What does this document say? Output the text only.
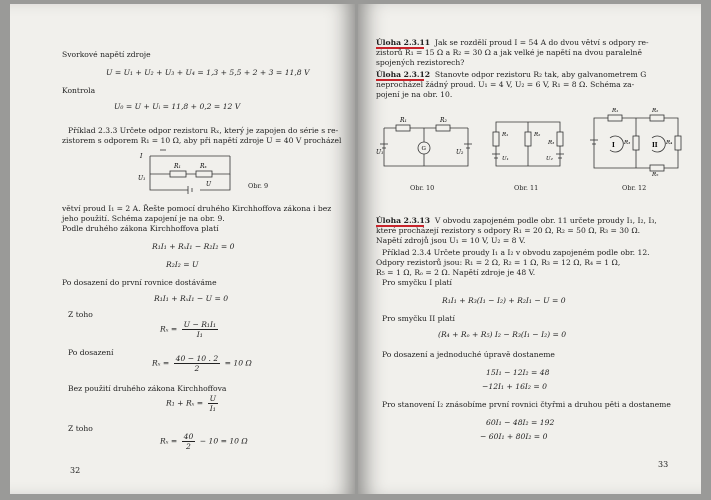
Svorkové napětí zdroje
U = U₁ + U₂ + U₃ + U₄ = 1,3 + 5,5 + 2 + 3 = 11,8 V
Kontrola
U₀ = U + Uᵢ = 11,8 + 0,2 = 12 V
Příklad 2.3.3 Určete odpor rezistoru Rₓ, který je zapojen do série s re-
zistorem s odporem R₁ = 10 Ω, aby při napětí zdroje U = 40 V procházel
I
U₁
R₁	Rₓ
U	Obr. 9
větví proud I₁ = 2 A. Řešte pomocí druhého Kirchhoffova zákona i bez
jeho použití. Schéma zapojení je na obr. 9.
Podle druhého zákona Kirchhoffova platí
R₁I₁ + RₓI₁ − R₂I₂ = 0
R₂I₂ = U
Po dosazení do první rovnice dostáváme
R₁I₁ + RₓI₁ − U = 0
Z toho
$R_x = \frac{\text{U − R₁I₁}}{\text{I₁}}$
Po dosazení
$R_x = \frac{40 - 10 . 2}{2} = 10$ Ω
Bez použití druhého zákona Kirchhoffova
$R_1 + R_x = \frac{U}{\text{I₁}}$
Z toho
$R_x = \frac{40}{2} - 10 = 10$ Ω
32
Úloha 2.3.11 Jak se rozdělí proud I = 54 A do dvou větví s odpory re-
zistorů R₁ = 15 Ω a R₂ = 30 Ω a jak velké je napětí na dvou paralelně
spojených rezistorech?
Úloha 2.3.12 Stanovte odpor rezistoru R₂ tak, aby galvanometrem G
neprocházel žádný proud. U₁ = 4 V, U₂ = 6 V, R₁ = 8 Ω. Schéma za-
pojení je na obr. 10.
R₁	R₂
U₁	U₂
G
R₁	R₂
R₃
U₁	U₂
R₁	R₂
R₃	R₄
R₅
I	II
Obr. 10	Obr. 11	Obr. 12
Úloha 2.3.13 V obvodu zapojeném podle obr. 11 určete proudy I₁, I₂, I₃,
které procházejí rezistory s odpory R₁ = 20 Ω, R₂ = 50 Ω, R₃ = 30 Ω.
Napětí zdrojů jsou U₁ = 10 V, U₂ = 8 V.
Příklad 2.3.4 Určete proudy I₁ a I₂ v obvodu zapojeném podle obr. 12.
Odpory rezistorů jsou: R₁ = 2 Ω, R₂ = 1 Ω, R₃ = 12 Ω, R₄ = 1 Ω,
R₅ = 1 Ω, Rₒ = 2 Ω. Napětí zdroje je 48 V.
Pro smyčku I platí
R₁I₁ + R₃(I₁ − I₂) + R₂I₁ − U = 0
Pro smyčku II platí
(R₄ + Rₒ + R₅) I₂ − R₃(I₁ − I₂) = 0
Po dosazení a jednoduché úpravě dostaneme
15I₁ − 12I₂ = 48
−12I₁ + 16I₂ = 0
Pro stanovení I₂ znásobíme první rovnici čtyřmi a druhou pěti a dostaneme
60I₁ − 48I₂ = 192
− 60I₁ + 80I₂ = 0
33
